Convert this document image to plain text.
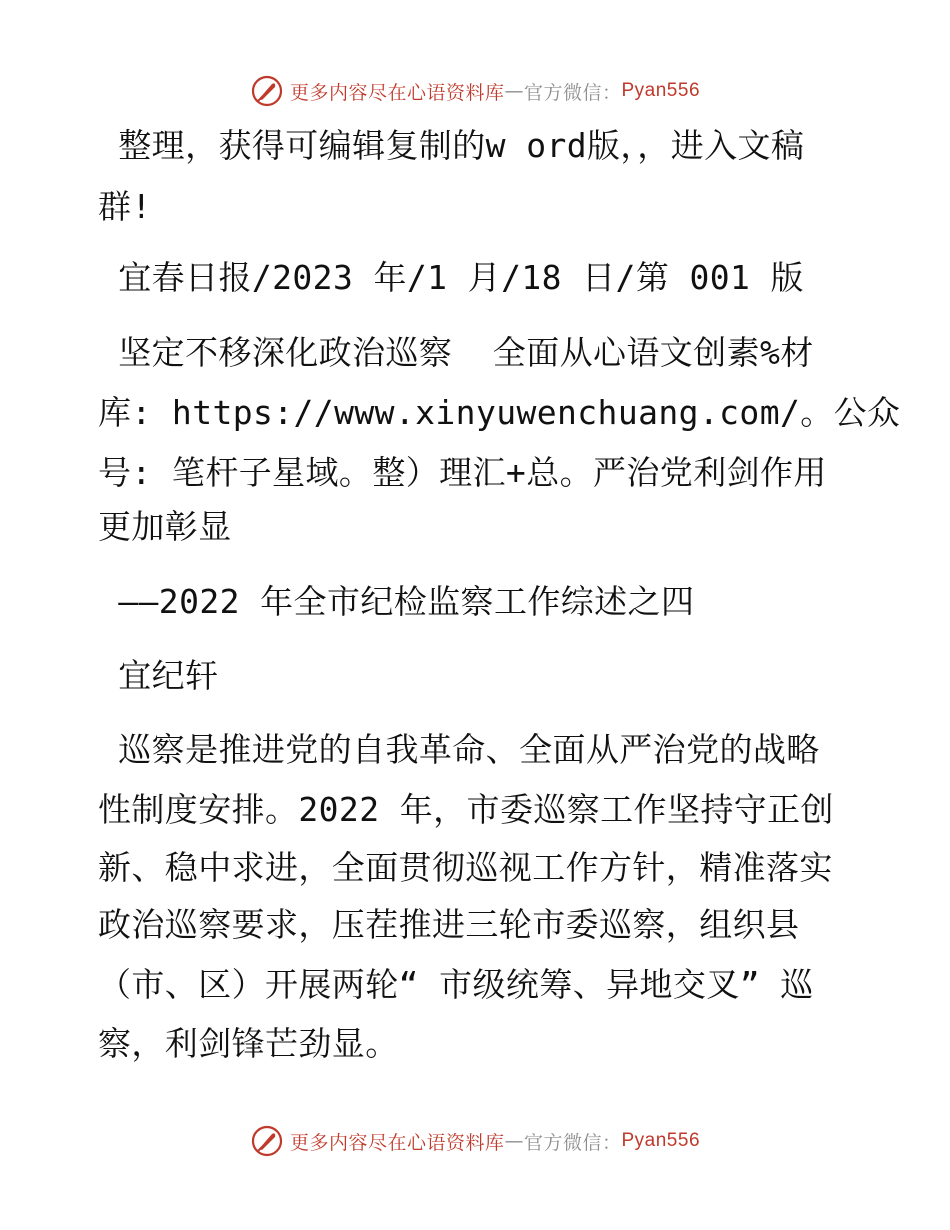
更多内容尽在心语资料库 — 官方微信： Pyan556
整理，获得可编辑复制的w ord版，，进入文稿
群!
宜春日报/2023 年/1 月/18 日/第 001 版
坚定不移深化政治巡察  全面从心语文创素%材
库: https://www.xinyuwenchuang.com/。公众
号: 笔杆子星域。整）理汇+总。严治党利剑作用
更加彰显
——2022 年全市纪检监察工作综述之四
宜纪轩
巡察是推进党的自我革命、全面从严治党的战略
性制度安排。2022 年，市委巡察工作坚持守正创
新、稳中求进，全面贯彻巡视工作方针，精准落实
政治巡察要求，压茬推进三轮市委巡察，组织县
（市、区）开展两轮“ 市级统筹、异地交叉” 巡
察，利剑锋芒劲显。
更多内容尽在心语资料库 — 官方微信： Pyan556
